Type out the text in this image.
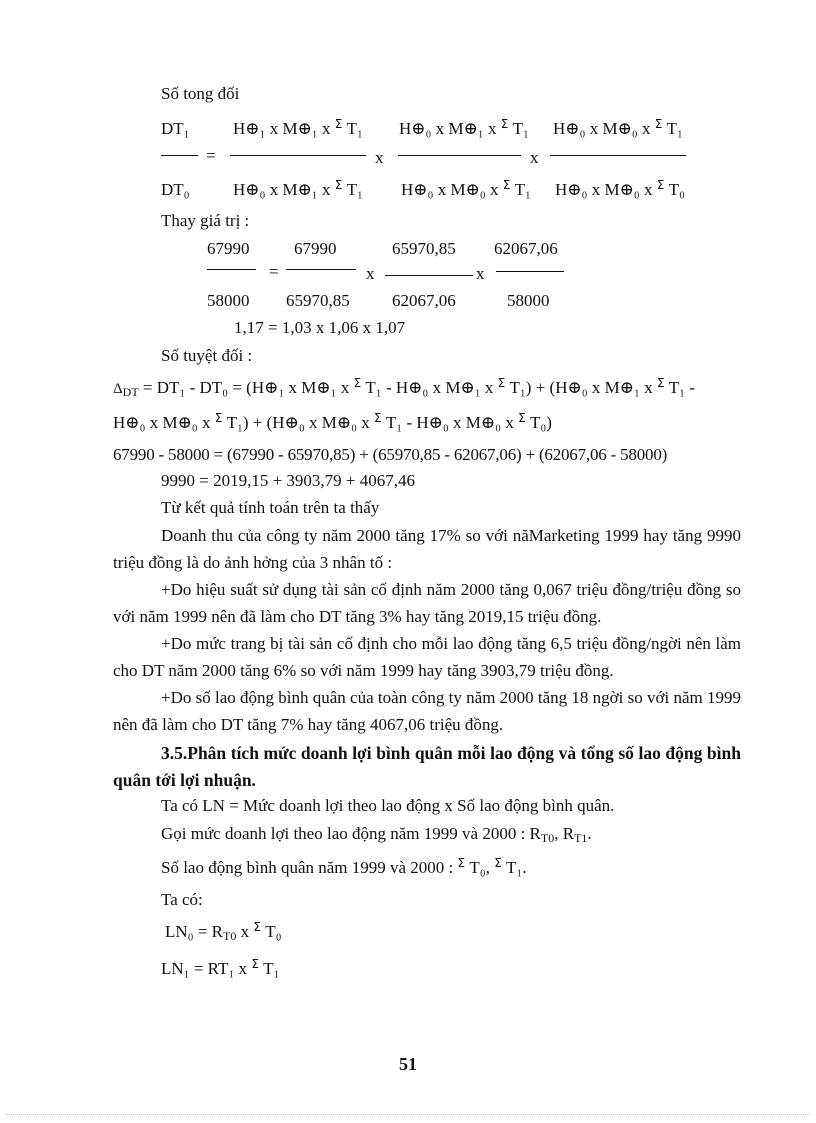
Số tong đối
DT₁
DT₀
=
H⊕₁ x M⊕₁ x $^\Sigma$ T₁
H⊕₀ x M⊕₁ x $^\Sigma$ T₁
x
H⊕₀ x M⊕₁ x $^\Sigma$ T₁
H⊕₀ x M⊕₀ x $^\Sigma$ T₁
x
H⊕₀ x M⊕₀ x $^\Sigma$ T₁
H⊕₀ x M⊕₀ x $^\Sigma$ T₀
Thay giá trị :
67990
58000
=
67990
65970,85
x
65970,85
62067,06
x
62067,06
58000
1,17 = 1,03 x 1,06 x 1,07
Số tuyệt đối :
$\Delta_{DT} = DT_1 - DT_0$ = (H⊕₁ x M⊕₁ x $^\Sigma$ T₁ - H⊕₀ x M⊕₁ x $^\Sigma$ T₁) + (H⊕₀ x M⊕₁ x $^\Sigma$ T₁ -
H⊕₀ x M⊕₀ x $^\Sigma$ T₁) + (H⊕₀ x M⊕₀ x $^\Sigma$ T₁ - H⊕₀ x M⊕₀ x $^\Sigma$ T₀)
67990 - 58000 = (67990 - 65970,85) + (65970,85 - 62067,06) + (62067,06 - 58000)
9990 = 2019,15 + 3903,79 + 4067,46
Từ kết quả tính toán trên ta thấy

Doanh thu của công ty năm 2000 tăng 17% so với năMarketing 1999 hay tăng 9990 triệu đồng là do ảnh hởng của 3 nhân tố :

+Do hiệu suất sử dụng tài sản cố định năm 2000 tăng 0,067 triệu đồng/triệu đồng so với năm 1999 nên đã làm cho DT tăng 3% hay tăng 2019,15 triệu đồng.

+Do mức trang bị tài sản cố định cho mỗi lao động tăng 6,5 triệu đồng/ngời nên làm cho DT năm 2000 tăng 6% so với năm 1999 hay tăng 3903,79 triệu đồng.

+Do số lao động bình quân của toàn công ty năm 2000 tăng 18 ngời so với năm 1999 nên đã làm cho DT tăng 7% hay tăng 4067,06 triệu đồng.

3.5.Phân tích mức doanh lợi bình quân mỗi lao động và tổng số lao động bình quân tới lợi nhuận.
Ta có LN = Mức doanh lợi theo lao động x Số lao động bình quân.
Gọi mức doanh lợi theo lao động năm 1999 và 2000 : $R_{T0}$, $R_{T1}$.
Số lao động bình quân năm 1999 và 2000 : $^\Sigma$ T₀, $^\Sigma$ T₁.
Ta có:
$LN_0 = R_{T0}$ x $^\Sigma$ T₀
LN₁ = RT₁ x $^\Sigma$ T₁
51
